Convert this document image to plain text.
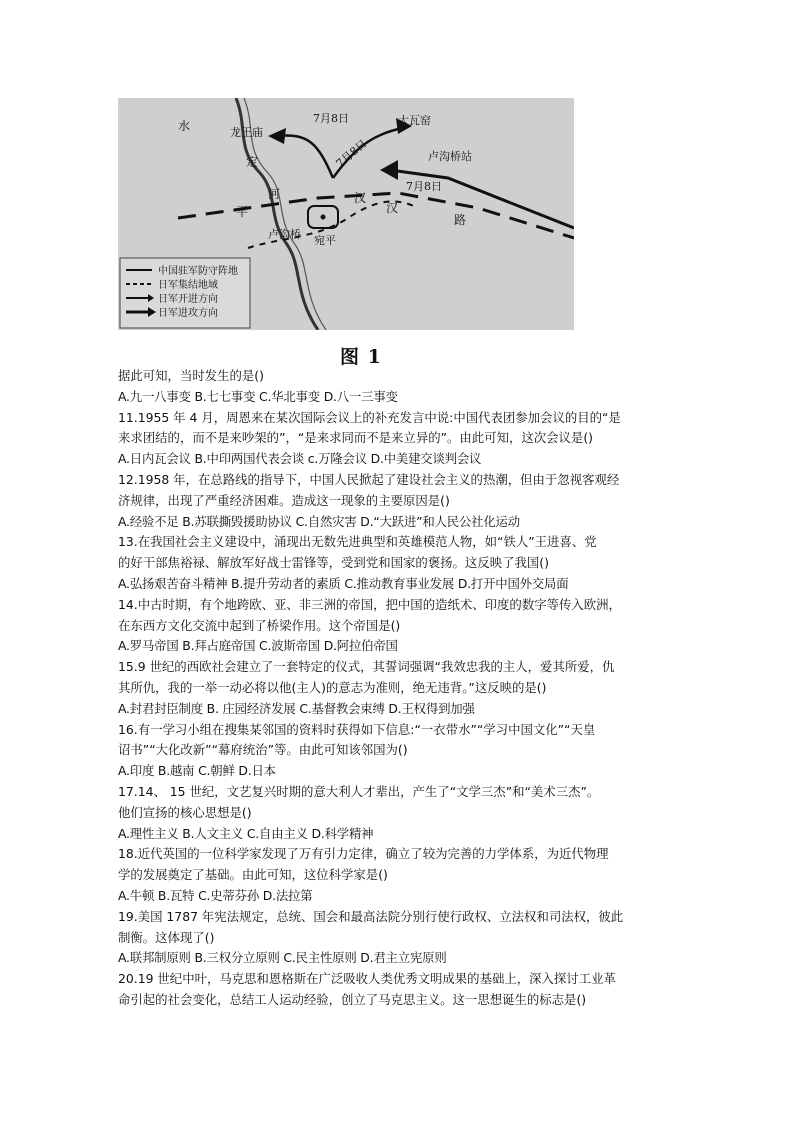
水	龙王庙
定
河
大瓦窑
卢沟桥站
平
卢沟桥 宛平
汉
7月8日
7月8日
7月8日
汉
路
中国驻军防守阵地
日军集结地域
日军开进方向
日军进攻方向
图 1
据此可知，当时发生的是()
A.九一八事变 B.七七事变 C.华北事变 D.八一三事变
11.1955 年 4 月，周恩来在某次国际会议上的补充发言中说:中国代表团参加会议的目的“是
来求团结的，而不是来吵架的”，“是来求同而不是来立异的”。由此可知，这次会议是()
A.日内瓦会议 B.中印两国代表会谈 c.万隆会议 D.中美建交谈判会议
12.1958 年，在总路线的指导下，中国人民掀起了建设社会主义的热潮，但由于忽视客观经
济规律，出现了严重经济困难。造成这一现象的主要原因是()
A.经验不足 B.苏联撕毁援助协议 C.自然灾害 D.“大跃进”和人民公社化运动
13.在我国社会主义建设中，涌现出无数先进典型和英雄模范人物，如“铁人”王进喜、党
的好干部焦裕禄、解放军好战士雷锋等，受到党和国家的褒扬。这反映了我国()
A.弘扬艰苦奋斗精神 B.提升劳动者的素质 C.推动教育事业发展 D.打开中国外交局面
14.中古时期，有个地跨欧、亚、非三洲的帝国，把中国的造纸术、印度的数字等传入欧洲，
在东西方文化交流中起到了桥梁作用。这个帝国是()
A.罗马帝国 B.拜占庭帝国 C.波斯帝国 D.阿拉伯帝国
15.9 世纪的西欧社会建立了一套特定的仪式，其誓词强调“我效忠我的主人，爱其所爱，仇
其所仇，我的一举一动必将以他(主人)的意志为准则，绝无违背。”这反映的是()
A.封君封臣制度 B. 庄园经济发展 C.基督教会束缚 D.王权得到加强
16.有一学习小组在搜集某邻国的资料时获得如下信息:“一衣带水”“学习中国文化”“天皇
诏书”“大化改新”“幕府统治”等。由此可知该邻国为()
A.印度 B.越南 C.朝鲜 D.日本
17.14、 15 世纪，文艺复兴时期的意大利人才辈出，产生了“文学三杰”和“美术三杰”。
他们宣扬的核心思想是()
A.理性主义 B.人文主义 C.自由主义 D.科学精神
18.近代英国的一位科学家发现了万有引力定律，确立了较为完善的力学体系，为近代物理
学的发展奠定了基础。由此可知，这位科学家是()
A.牛顿 B.瓦特 C.史蒂芬孙 D.法拉第
19.美国 1787 年宪法规定，总统、国会和最高法院分别行使行政权、立法权和司法权，彼此
制衡。这体现了()
A.联邦制原则 B.三权分立原则 C.民主性原则 D.君主立宪原则
20.19 世纪中叶，马克思和恩格斯在广泛吸收人类优秀文明成果的基础上，深入探讨工业革
命引起的社会变化，总结工人运动经验，创立了马克思主义。这一思想诞生的标志是()
